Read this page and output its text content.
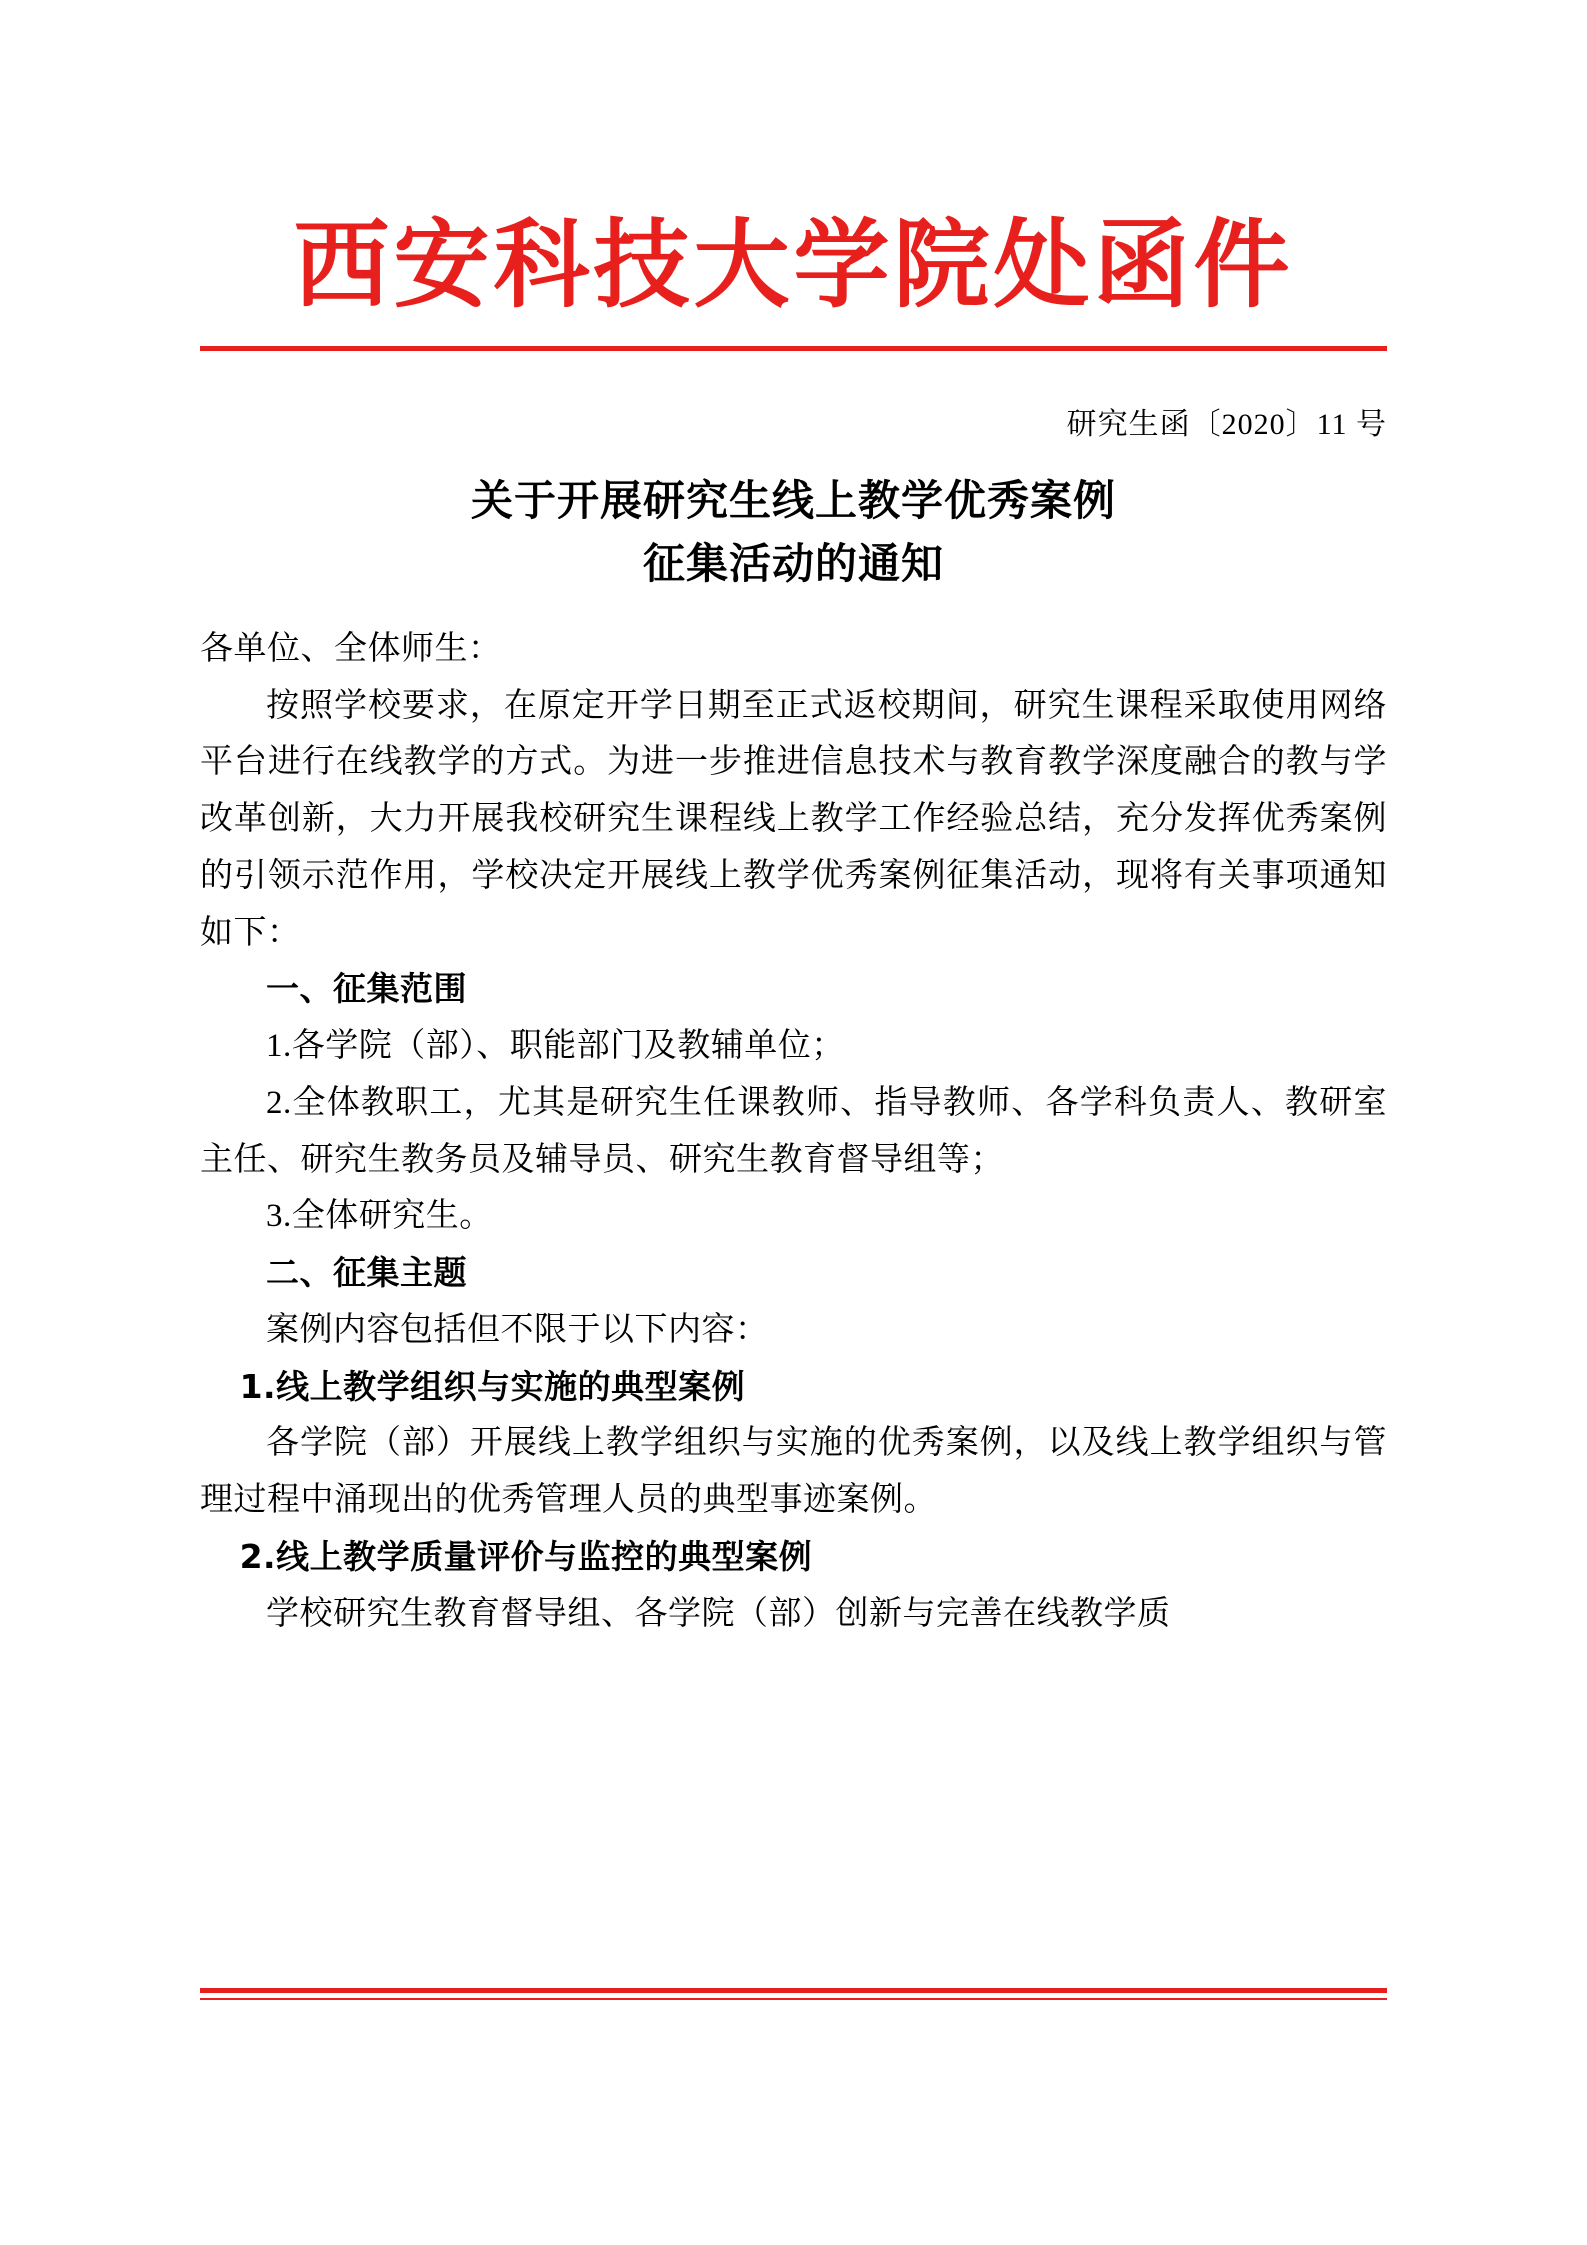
西安科技大学院处函件
研究生函〔2020〕11 号
关于开展研究生线上教学优秀案例
征集活动的通知

各单位、全体师生：

按照学校要求，在原定开学日期至正式返校期间，研究生课程采取使用网络平台进行在线教学的方式。为进一步推进信息技术与教育教学深度融合的教与学改革创新，大力开展我校研究生课程线上教学工作经验总结，充分发挥优秀案例的引领示范作用，学校决定开展线上教学优秀案例征集活动，现将有关事项通知如下：

一、征集范围

1.各学院（部）、职能部门及教辅单位；

2.全体教职工，尤其是研究生任课教师、指导教师、各学科负责人、教研室主任、研究生教务员及辅导员、研究生教育督导组等；

3.全体研究生。

二、征集主题

案例内容包括但不限于以下内容：

1.线上教学组织与实施的典型案例

各学院（部）开展线上教学组织与实施的优秀案例，以及线上教学组织与管理过程中涌现出的优秀管理人员的典型事迹案例。

2.线上教学质量评价与监控的典型案例

学校研究生教育督导组、各学院（部）创新与完善在线教学质
